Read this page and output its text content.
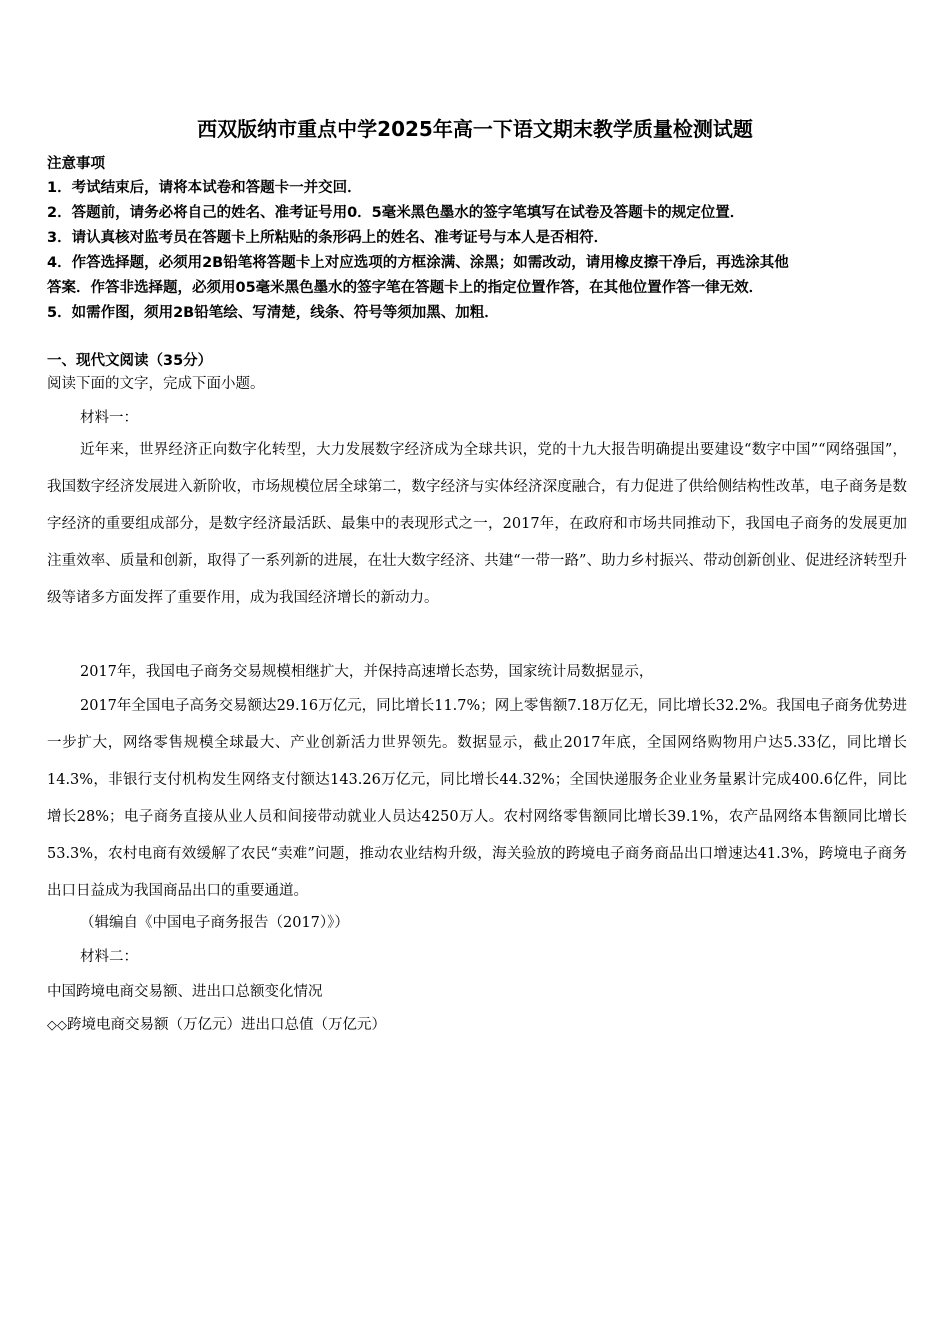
西双版纳市重点中学2025年高一下语文期末教学质量检测试题
注意事项
1．考试结束后，请将本试卷和答题卡一并交回．
2．答题前，请务必将自己的姓名、准考证号用0．5毫米黑色墨水的签字笔填写在试卷及答题卡的规定位置．
3．请认真核对监考员在答题卡上所粘贴的条形码上的姓名、准考证号与本人是否相符．
4．作答选择题，必须用2B铅笔将答题卡上对应选项的方框涂满、涂黑；如需改动，请用橡皮擦干净后，再选涂其他
答案．作答非选择题，必须用05毫米黑色墨水的签字笔在答题卡上的指定位置作答，在其他位置作答一律无效．
5．如需作图，须用2B铅笔绘、写清楚，线条、符号等须加黑、加粗．
一、现代文阅读（35分）
阅读下面的文字，完成下面小题。
材料一：
近年来，世界经济正向数字化转型，大力发展数字经济成为全球共识，党的十九大报告明确提出要建设“数字中国”“网络强国”，我国数字经济发展进入新阶收，市场规模位居全球第二，数字经济与实体经济深度融合，有力促进了供给侧结构性改革，电子商务是数字经济的重要组成部分，是数字经济最活跃、最集中的表现形式之一，2017年，在政府和市场共同推动下，我国电子商务的发展更加注重效率、质量和创新，取得了一系列新的进展，在壮大数字经济、共建“一带一路”、助力乡村振兴、带动创新创业、促进经济转型升级等诸多方面发挥了重要作用，成为我国经济增长的新动力。
2017年，我国电子商务交易规模相继扩大，并保持高速增长态势，国家统计局数据显示，
2017年全国电子高务交易额达29.16万亿元，同比增长11.7%；网上零售额7.18万亿无，同比增长32.2%。我国电子商务优势进一步扩大，网络零售规模全球最大、产业创新活力世界领先。数据显示，截止2017年底，全国网络购物用户达5.33亿，同比增长14.3%，非银行支付机构发生网络支付额达143.26万亿元，同比增长44.32%；全国快递服务企业业务量累计完成400.6亿件，同比增长28%；电子商务直接从业人员和间接带动就业人员达4250万人。农村网络零售额同比增长39.1%，农产品网络本售额同比增长53.3%，农村电商有效缓解了农民“卖难”问题，推动农业结构升级，海关验放的跨境电子商务商品出口增速达41.3%，跨境电子商务出口日益成为我国商品出口的重要通道。
（辑编自《中国电子商务报告（2017）》）
材料二：
中国跨境电商交易额、进出口总额变化情况
◇◇跨境电商交易额（万亿元）进出口总值（万亿元）
